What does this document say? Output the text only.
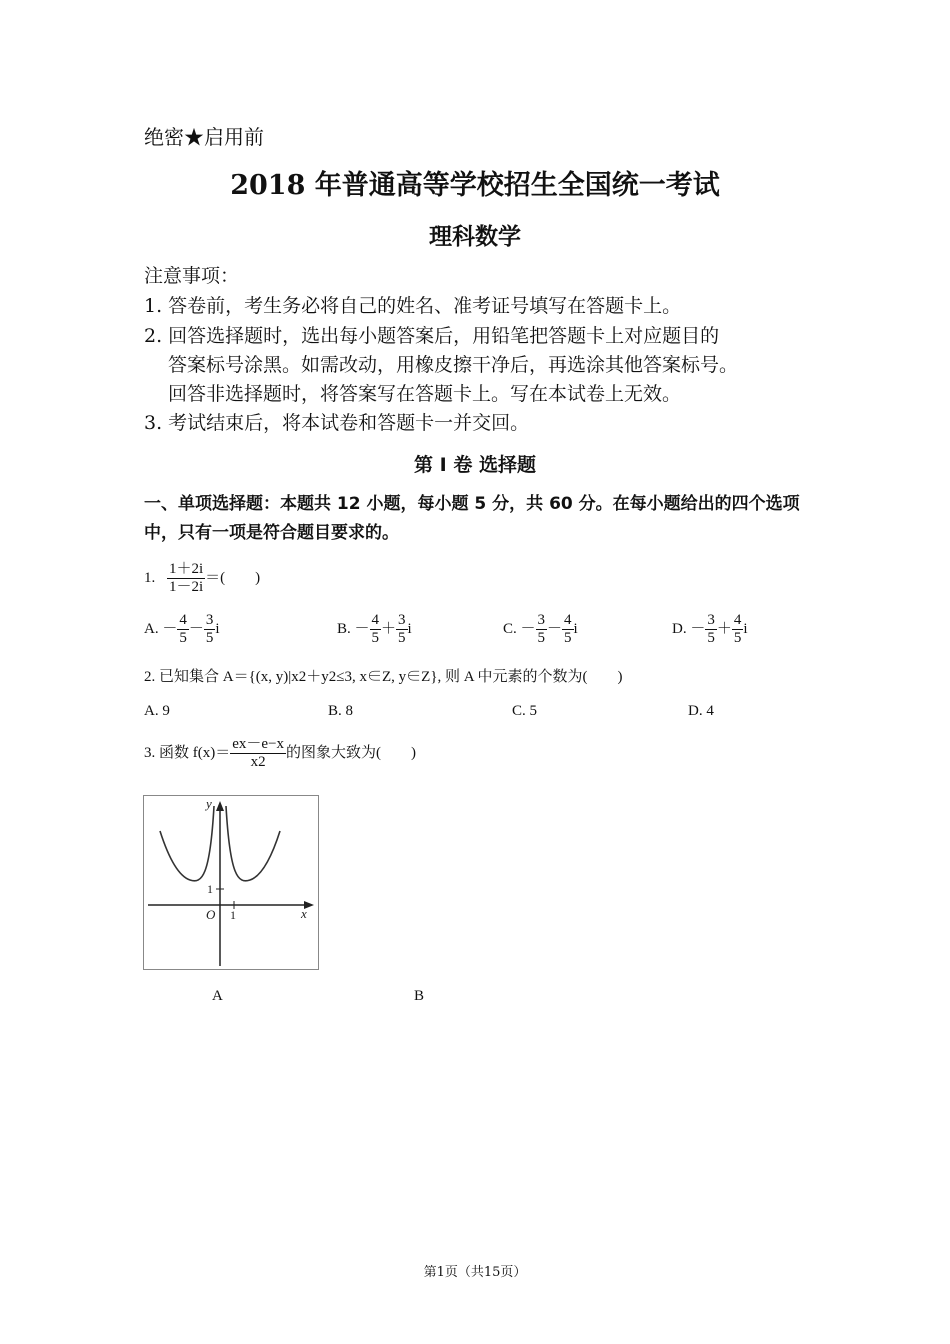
绝密★启用前
2018 年普通高等学校招生全国统一考试
理科数学
注意事项：
1. 答卷前，考生务必将自己的姓名、准考证号填写在答题卡上。
2. 回答选择题时，选出每小题答案后，用铅笔把答题卡上对应题目的
答案标号涂黑。如需改动，用橡皮擦干净后，再选涂其他答案标号。
回答非选择题时，将答案写在答题卡上。写在本试卷上无效。
3. 考试结束后，将本试卷和答题卡一并交回。
第 Ⅰ 卷 选择题
一、单项选择题：本题共 12 小题，每小题 5 分，共 60 分。在每小题给出的四个选项中，只有一项是符合题目要求的。
1. $\frac{1+2i}{1-2i}$ ＝(　　)
A. － $\frac{4}{5} - \frac{3}{5}$ i	B. － $\frac{4}{5} + \frac{3}{5}$ i	C. － $\frac{3}{5} - \frac{4}{5}$ i	D. － $\frac{3}{5} + \frac{4}{5}$ i
2. 已知集合 A＝{(x, y)|x2＋y2≤3, x∈Z, y∈Z}, 则 A 中元素的个数为(　　)
A. 9	B. 8	C. 5	D. 4
3. 函数 $f(x)= \frac{ex-e-x}{x2}$ 的图象大致为(　　)
y
x
O 1
1
A	B
第1页（共15页）
